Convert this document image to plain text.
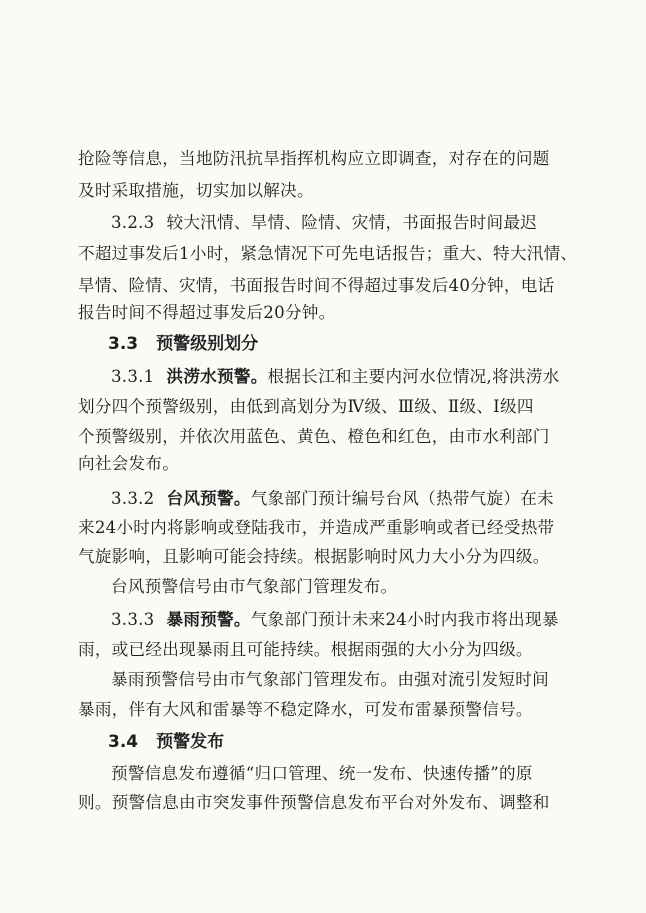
抢险等信息，当地防汛抗旱指挥机构应立即调查，对存在的问题

及时采取措施，切实加以解决。

3.2.3 较大汛情、旱情、险情、灾情，书面报告时间最迟

不超过事发后1小时，紧急情况下可先电话报告；重大、特大汛情、

旱情、险情、灾情，书面报告时间不得超过事发后40分钟，电话

报告时间不得超过事发后20分钟。

3.3 预警级别划分

3.3.1 洪涝水预警。根据长江和主要内河水位情况,将洪涝水

划分四个预警级别，由低到高划分为Ⅳ级、Ⅲ级、Ⅱ级、Ⅰ级四

个预警级别，并依次用蓝色、黄色、橙色和红色，由市水利部门

向社会发布。

3.3.2 台风预警。气象部门预计编号台风（热带气旋）在未

来24小时内将影响或登陆我市，并造成严重影响或者已经受热带

气旋影响，且影响可能会持续。根据影响时风力大小分为四级。

台风预警信号由市气象部门管理发布。

3.3.3 暴雨预警。气象部门预计未来24小时内我市将出现暴

雨，或已经出现暴雨且可能持续。根据雨强的大小分为四级。

暴雨预警信号由市气象部门管理发布。由强对流引发短时间

暴雨，伴有大风和雷暴等不稳定降水，可发布雷暴预警信号。

3.4 预警发布

预警信息发布遵循“归口管理、统一发布、快速传播”的原

则。预警信息由市突发事件预警信息发布平台对外发布、调整和
